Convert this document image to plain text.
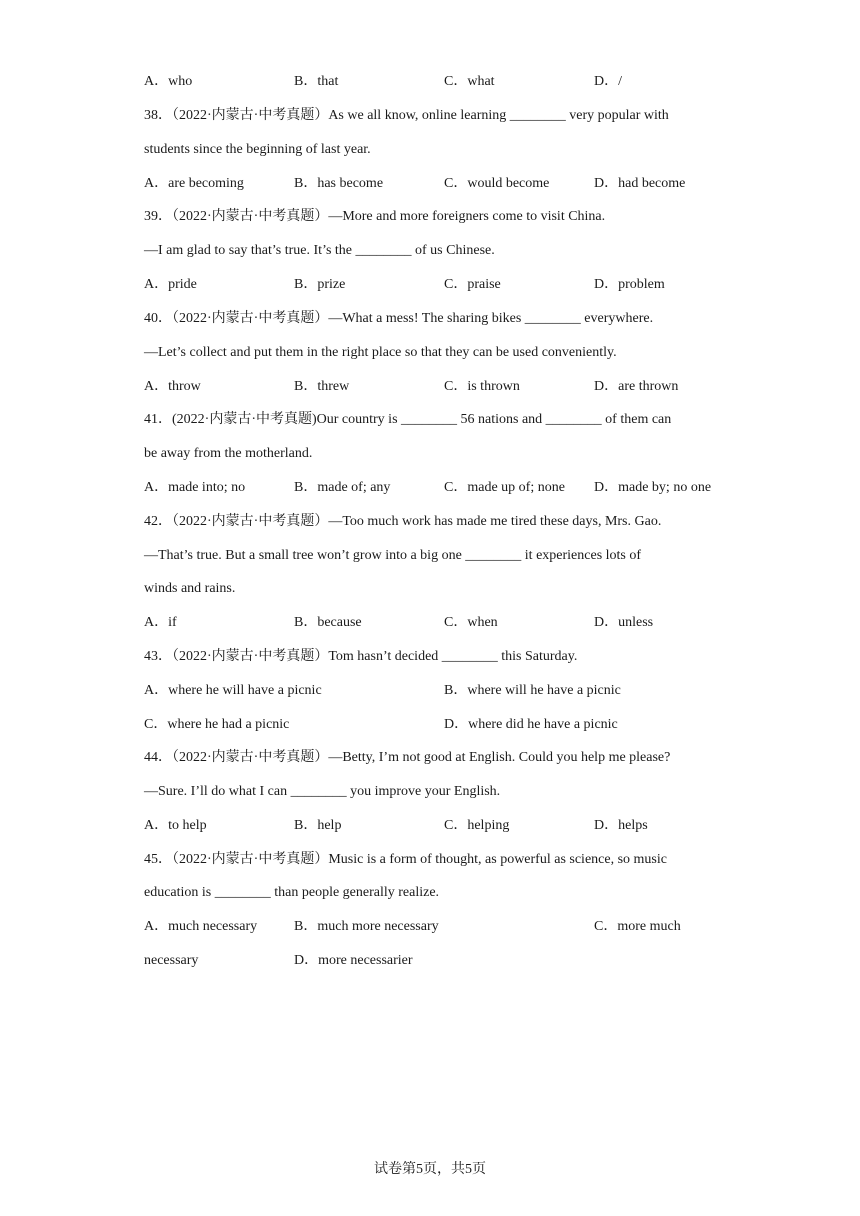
A．who	B．that	C．what	D．/
38．（2022·内蒙古·中考真题）As we all know, online learning ________ very popular with
students since the beginning of last year.
A．are becoming	B．has become	C．would become	D．had become
39．（2022·内蒙古·中考真题）—More and more foreigners come to visit China.
—I am glad to say that’s true. It’s the ________ of us Chinese.
A．pride	B．prize	C．praise	D．problem
40．（2022·内蒙古·中考真题）—What a mess! The sharing bikes ________ everywhere.
—Let’s collect and put them in the right place so that they can be used conveniently.
A．throw	B．threw	C．is thrown	D．are thrown
41．(2022·内蒙古·中考真题)Our country is ________ 56 nations and ________ of them can
be away from the motherland.
A．made into; no	B．made of; any	C．made up of; none D．made by; no one
42．（2022·内蒙古·中考真题）—Too much work has made me tired these days, Mrs. Gao.
—That’s true. But a small tree won’t grow into a big one ________ it experiences lots of
winds and rains.
A．if	B．because	C．when	D．unless
43．（2022·内蒙古·中考真题）Tom hasn’t decided ________ this Saturday.
A．where he will have a picnic	B．where will he have a picnic
C．where he had a picnic	D．where did he have a picnic
44．（2022·内蒙古·中考真题）—Betty, I’m not good at English. Could you help me please?
—Sure. I’ll do what I can ________ you improve your English.
A．to help	B．help	C．helping	D．helps
45．（2022·内蒙古·中考真题）Music is a form of thought, as powerful as science, so music
education is ________ than people generally realize.
A．much necessary	B．much more necessary	C．more much
necessary	D．more necessarier
试卷第5页，共5页
